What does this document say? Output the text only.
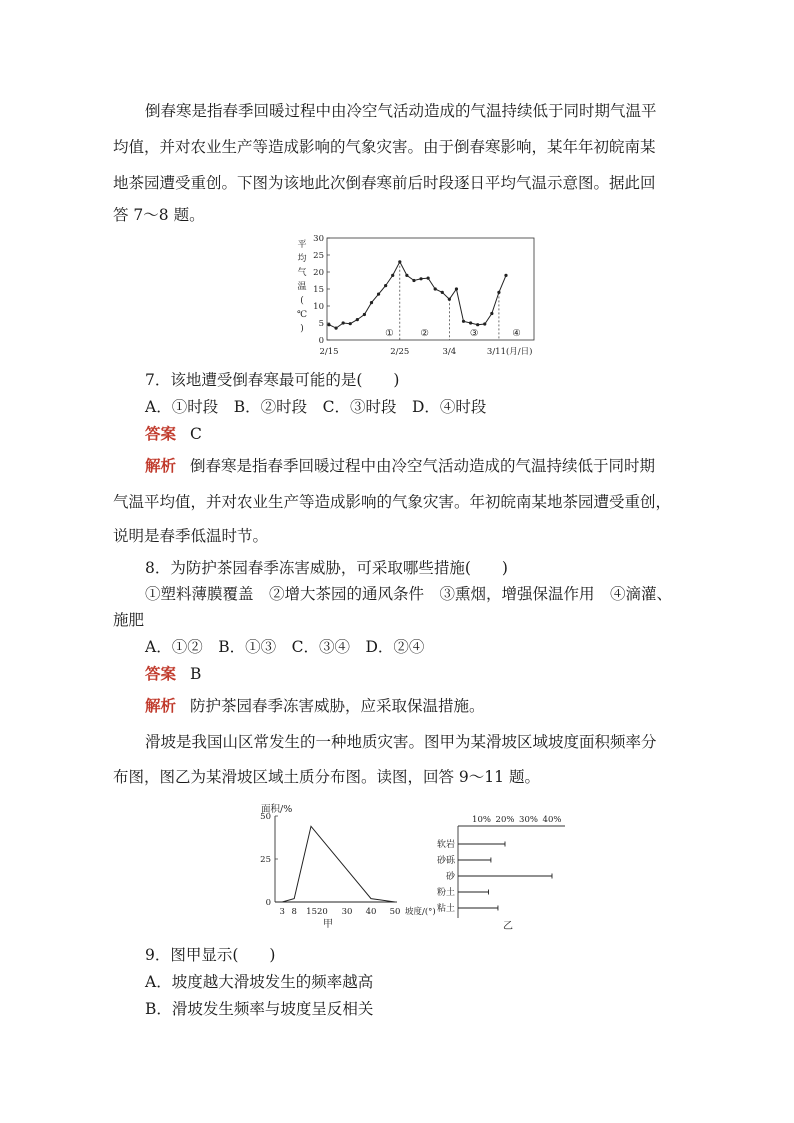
倒春寒是指春季回暖过程中由冷空气活动造成的气温持续低于同时期气温平
均值，并对农业生产等造成影响的气象灾害。由于倒春寒影响，某年年初皖南某
地茶园遭受重创。下图为该地此次倒春寒前后时段逐日平均气温示意图。据此回
答 7～8 题。
平
均
气
温
(
℃
)
30
25
20
15
10
5
0
2/15	2/25	3/4	3/11(月/日)
①	②	③	④
7．该地遭受倒春寒最可能的是(　　)
A．①时段　B．②时段　C．③时段　D．④时段
答案 C
解析 倒春寒是指春季回暖过程中由冷空气活动造成的气温持续低于同时期
气温平均值，并对农业生产等造成影响的气象灾害。年初皖南某地茶园遭受重创，
说明是春季低温时节。
8．为防护茶园春季冻害威胁，可采取哪些措施(　　)
①塑料薄膜覆盖　②增大茶园的通风条件　③熏烟，增强保温作用　④滴灌、
施肥
A．①②　B．①③　C．③④　D．②④
答案 B
解析 防护茶园春季冻害威胁，应采取保温措施。
滑坡是我国山区常发生的一种地质灾害。图甲为某滑坡区域坡度面积频率分
布图，图乙为某滑坡区域土质分布图。读图，回答 9～11 题。
面积/%
50
25
0
3 8 1520 30 40 50 坡度/(°)
甲
10% 20% 30% 40%
软岩
砂砾
砂
粉土
粘土
乙
9．图甲显示(　　)
A．坡度越大滑坡发生的频率越高
B．滑坡发生频率与坡度呈反相关
